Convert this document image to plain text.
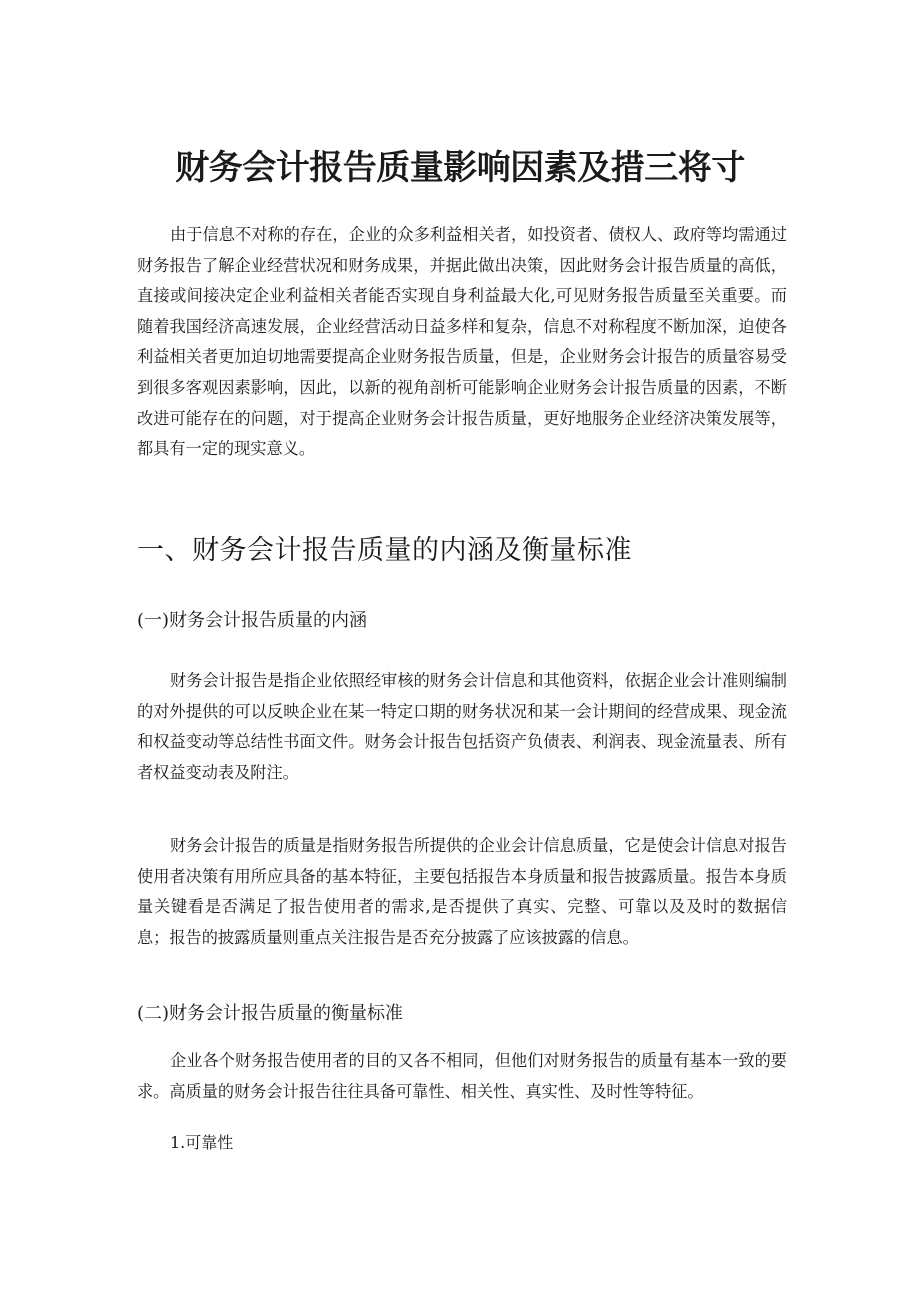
财务会计报告质量影响因素及措三将寸
由于信息不对称的存在，企业的众多利益相关者，如投资者、债权人、政府等均需通过财务报告了解企业经营状况和财务成果，并据此做出决策，因此财务会计报告质量的高低，直接或间接决定企业利益相关者能否实现自身利益最大化,可见财务报告质量至关重要。而随着我国经济高速发展，企业经营活动日益多样和复杂，信息不对称程度不断加深，迫使各利益相关者更加迫切地需要提高企业财务报告质量，但是，企业财务会计报告的质量容易受到很多客观因素影响，因此，以新的视角剖析可能影响企业财务会计报告质量的因素，不断改进可能存在的问题，对于提高企业财务会计报告质量，更好地服务企业经济决策发展等，都具有一定的现实意义。
一、财务会计报告质量的内涵及衡量标准
(一)财务会计报告质量的内涵
财务会计报告是指企业依照经审核的财务会计信息和其他资料，依据企业会计准则编制的对外提供的可以反映企业在某一特定口期的财务状况和某一会计期间的经营成果、现金流和权益变动等总结性书面文件。财务会计报告包括资产负债表、利润表、现金流量表、所有者权益变动表及附注。
财务会计报告的质量是指财务报告所提供的企业会计信息质量，它是使会计信息对报告使用者决策有用所应具备的基本特征，主要包括报告本身质量和报告披露质量。报告本身质量关键看是否满足了报告使用者的需求,是否提供了真实、完整、可靠以及及时的数据信息；报告的披露质量则重点关注报告是否充分披露了应该披露的信息。
(二)财务会计报告质量的衡量标准
企业各个财务报告使用者的目的又各不相同，但他们对财务报告的质量有基本一致的要求。高质量的财务会计报告往往具备可靠性、相关性、真实性、及时性等特征。
1.可靠性
